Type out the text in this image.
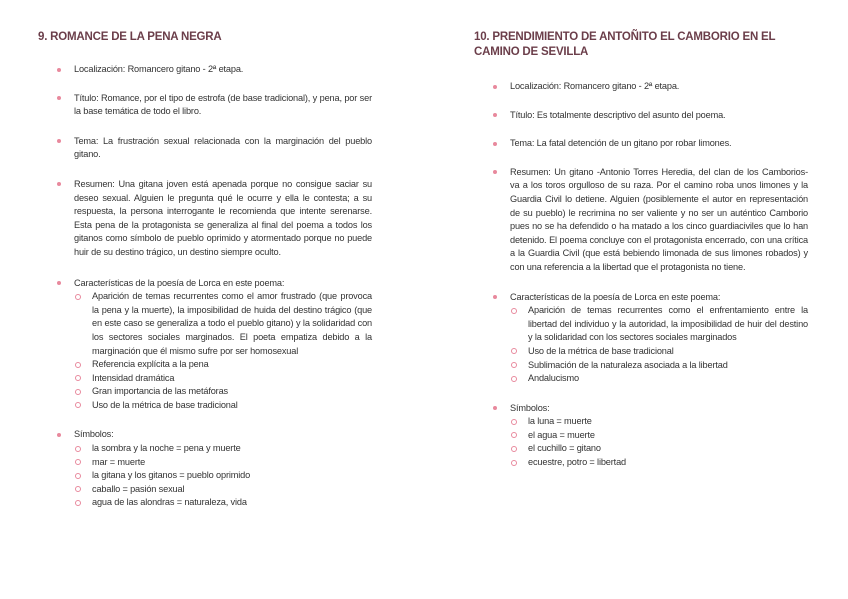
9. ROMANCE DE LA PENA NEGRA
Localización: Romancero gitano - 2ª etapa.
Título: Romance, por el tipo de estrofa (de base tradicional), y pena, por ser la base temática de todo el libro.
Tema: La frustración sexual relacionada con la marginación del pueblo gitano.
Resumen: Una gitana joven está apenada porque no consigue saciar su deseo sexual. Alguien le pregunta qué le ocurre y ella le contesta; a su respuesta, la persona interrogante le recomienda que intente serenarse. Esta pena de la protagonista se generaliza al final del poema a todos los gitanos como símbolo de pueblo oprimido y atormentado porque no puede huir de su destino trágico, un destino siempre oculto.
Características de la poesía de Lorca en este poema:
Aparición de temas recurrentes como el amor frustrado (que provoca la pena y la muerte), la imposibilidad de huida del destino trágico (que en este caso se generaliza a todo el pueblo gitano) y la solidaridad con los sectores sociales marginados. El poeta empatiza debido a la marginación que él mismo sufre por ser homosexual
Referencia explícita a la pena
Intensidad dramática
Gran importancia de las metáforas
Uso de la métrica de base tradicional
Símbolos:
la sombra y la noche = pena y muerte
mar = muerte
la gitana y los gitanos = pueblo oprimido
caballo = pasión sexual
agua de las alondras = naturaleza, vida
10. PRENDIMIENTO DE ANTOÑITO EL CAMBORIO EN EL CAMINO DE SEVILLA
Localización: Romancero gitano - 2ª etapa.
Título: Es totalmente descriptivo del asunto del poema.
Tema: La fatal detención de un gitano por robar limones.
Resumen: Un gitano -Antonio Torres Heredia, del clan de los Camborios- va a los toros orgulloso de su raza. Por el camino roba unos limones y la Guardia Civil lo detiene. Alguien (posiblemente el autor en representación de su pueblo) le recrimina no ser valiente y no ser un auténtico Camborio pues no se ha defendido o ha matado a los cinco guardiaciviles que lo han detenido. El poema concluye con el protagonista encerrado, con una crítica a la Guardia Civil (que está bebiendo limonada de sus limones robados) y con una referencia a la libertad que el protagonista no tiene.
Características de la poesía de Lorca en este poema:
Aparición de temas recurrentes como el enfrentamiento entre la libertad del individuo y la autoridad, la imposibilidad de huir del destino y la solidaridad con los sectores sociales marginados
Uso de la métrica de base tradicional
Sublimación de la naturaleza asociada a la libertad
Andalucismo
Símbolos:
la luna = muerte
el agua = muerte
el cuchillo = gitano
ecuestre, potro = libertad
